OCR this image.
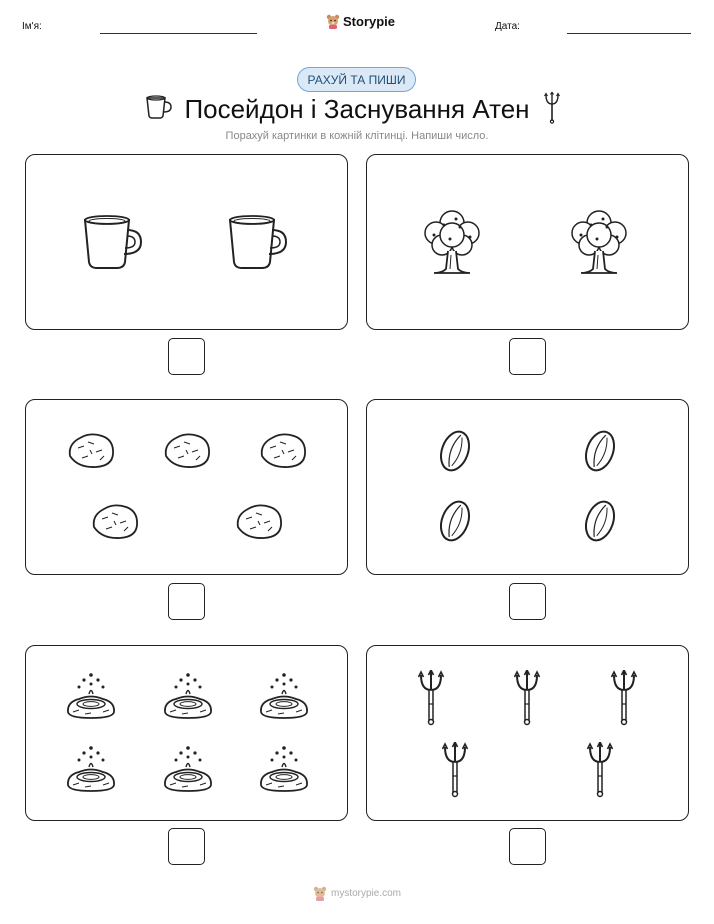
Ім'я:	Storypie	Дата:
РАХУЙ ТА ПИШИ
Посейдон і Заснування Атен
Порахуй картинки в кожній клітинці. Напиши число.
mystorypie.com
